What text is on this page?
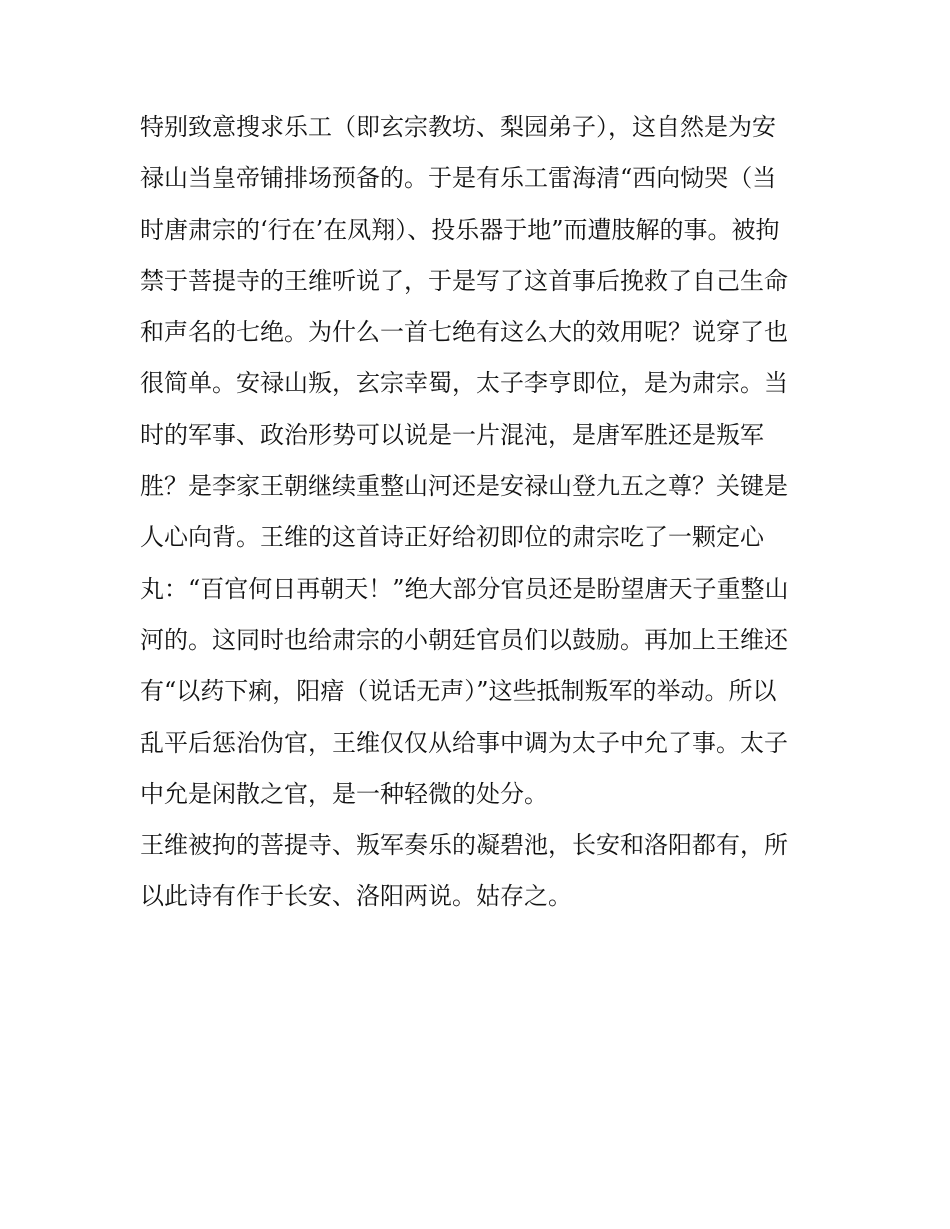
特别致意搜求乐工（即玄宗教坊、梨园弟子），这自然是为安
禄山当皇帝铺排场预备的。于是有乐工雷海清“西向恸哭（当
时唐肃宗的‘行在’在凤翔）、投乐器于地”而遭肢解的事。被拘
禁于菩提寺的王维听说了，于是写了这首事后挽救了自己生命
和声名的七绝。为什么一首七绝有这么大的效用呢？说穿了也
很简单。安禄山叛，玄宗幸蜀，太子李亨即位，是为肃宗。当
时的军事、政治形势可以说是一片混沌，是唐军胜还是叛军
胜？是李家王朝继续重整山河还是安禄山登九五之尊？关键是
人心向背。王维的这首诗正好给初即位的肃宗吃了一颗定心
丸：“百官何日再朝天！”绝大部分官员还是盼望唐天子重整山
河的。这同时也给肃宗的小朝廷官员们以鼓励。再加上王维还
有“以药下痢，阳瘖（说话无声）”这些抵制叛军的举动。所以
乱平后惩治伪官，王维仅仅从给事中调为太子中允了事。太子
中允是闲散之官，是一种轻微的处分。
王维被拘的菩提寺、叛军奏乐的凝碧池，长安和洛阳都有，所
以此诗有作于长安、洛阳两说。姑存之。
